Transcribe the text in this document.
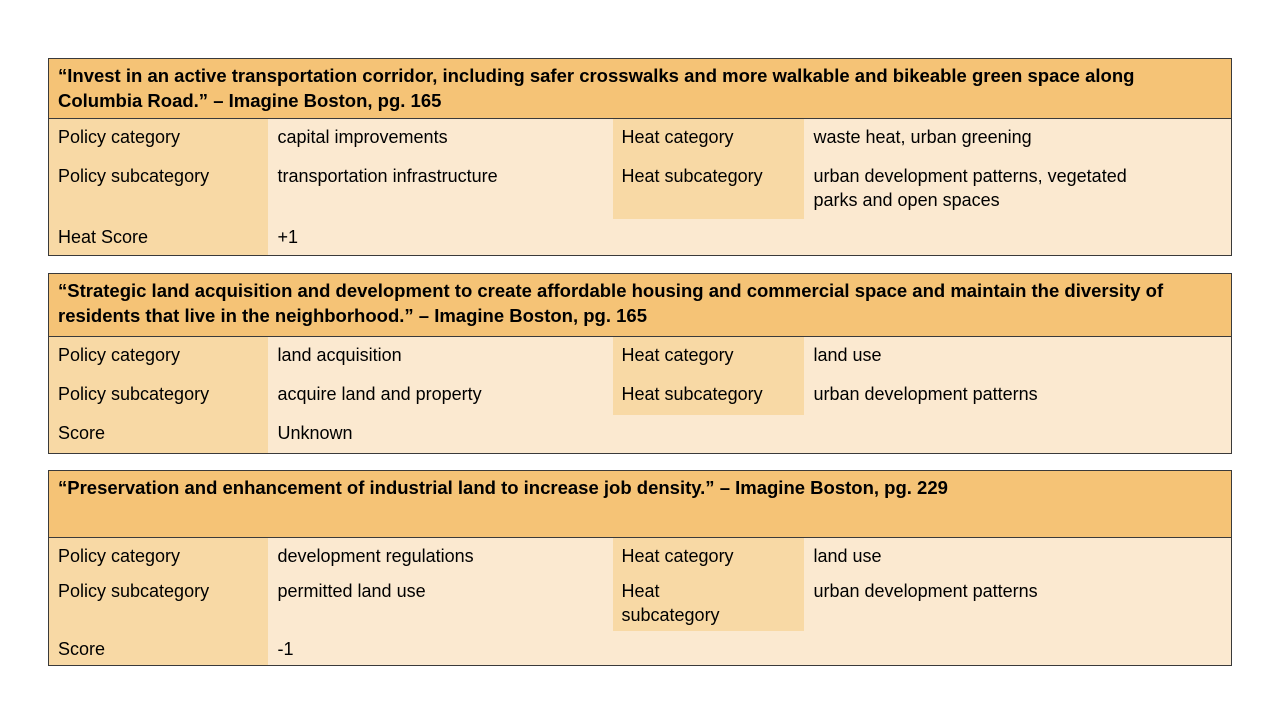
“Invest in an active transportation corridor, including safer crosswalks and more walkable and bikeable green space along Columbia Road.” – Imagine Boston, pg. 165			
Policy category	capital improvements	Heat category	waste heat, urban greening
Policy subcategory	transportation infrastructure	Heat subcategory	urban development patterns, vegetated parks and open spaces
Heat Score	+1		
“Strategic land acquisition and development to create affordable housing and commercial space and maintain the diversity of residents that live in the neighborhood.” – Imagine Boston, pg. 165			
Policy category	land acquisition	Heat category	land use
Policy subcategory	acquire land and property	Heat subcategory	urban development patterns
Score	Unknown		
“Preservation and enhancement of industrial land to increase job density.” – Imagine Boston, pg. 229			
Policy category	development regulations	Heat category	land use
Policy subcategory	permitted land use	Heat subcategory	urban development patterns
Score	-1		
